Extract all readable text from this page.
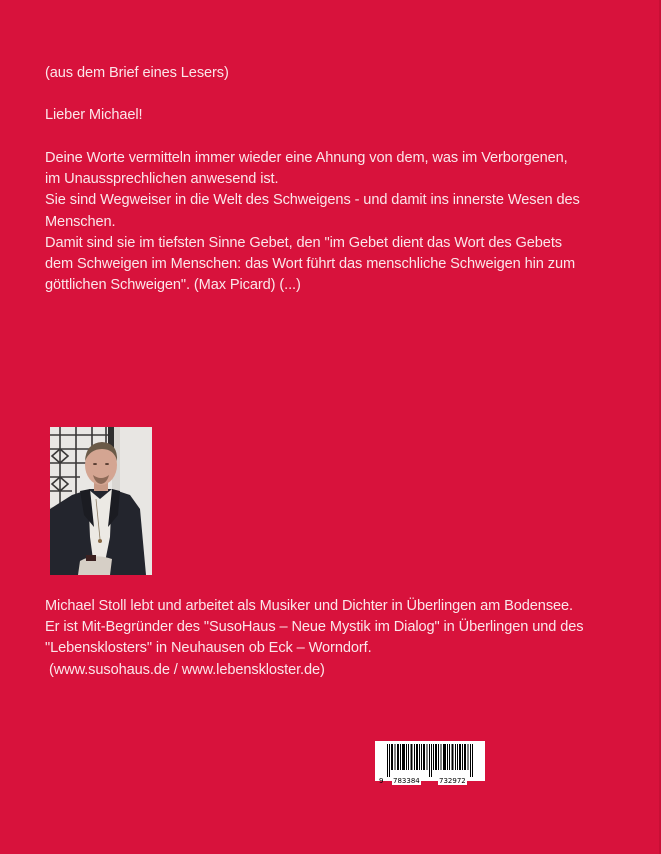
(aus dem Brief eines Lesers)

Lieber Michael!

Deine Worte vermitteln immer wieder eine Ahnung von dem, was im Verborgenen,

im Unaussprechlichen anwesend ist.

Sie sind Wegweiser in die Welt des Schweigens - und damit ins innerste Wesen des

Menschen.

Damit sind sie im tiefsten Sinne Gebet, den "im Gebet dient das Wort des Gebets

dem Schweigen im Menschen: das Wort führt das menschliche Schweigen hin zum

göttlichen Schweigen". (Max Picard) (...)

Michael Stoll lebt und arbeitet als Musiker und Dichter in Überlingen am Bodensee.

Er ist Mit-Begründer des "SusoHaus – Neue Mystik im Dialog" in Überlingen und des

"Lebensklosters" in Neuhausen ob Eck – Worndorf.

(www.susohaus.de / www.lebenskloster.de)

9 783384	732972
